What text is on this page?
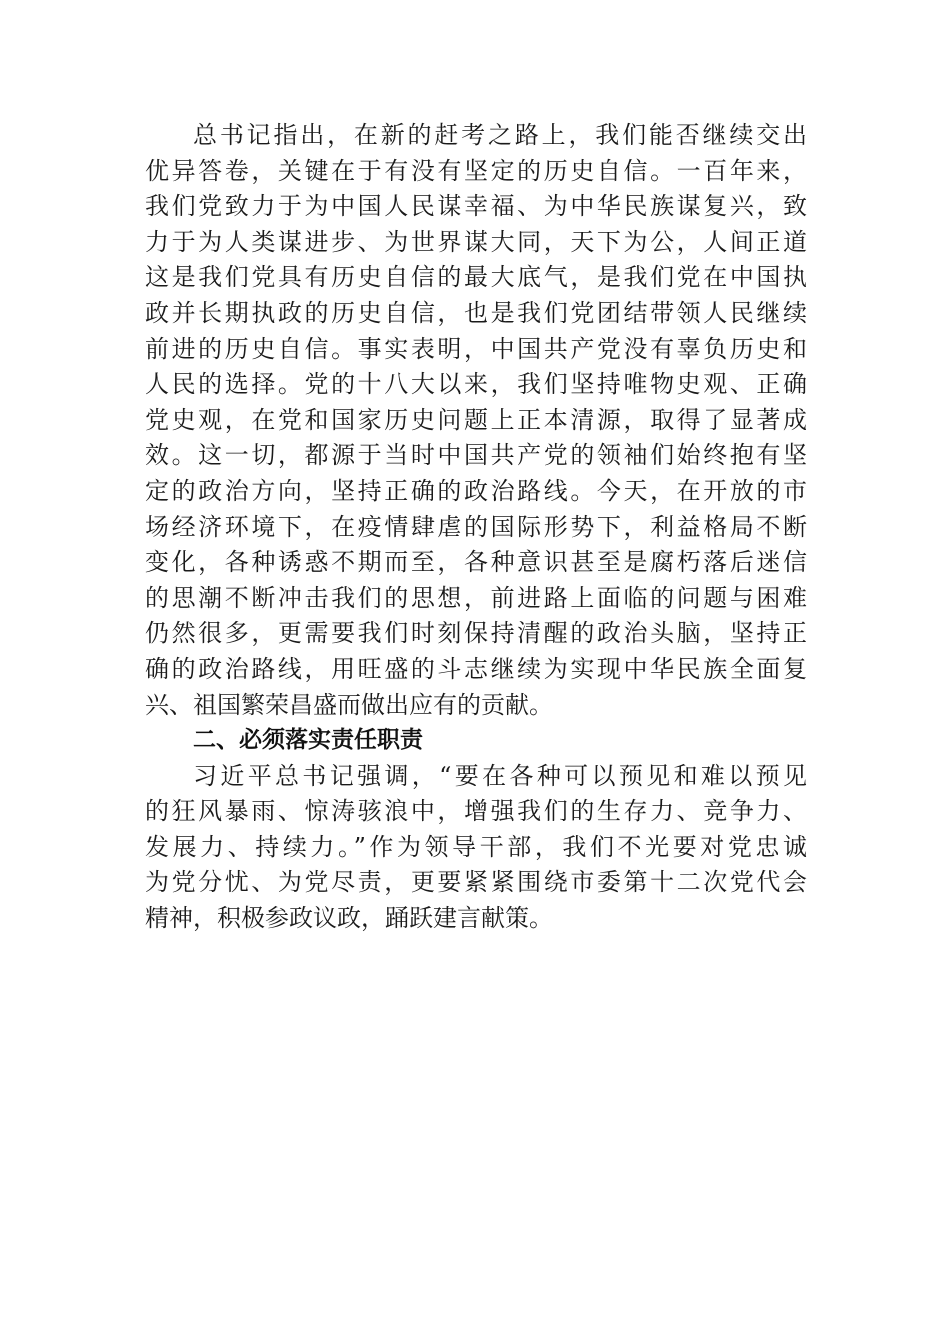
总书记指出，在新的赶考之路上，我们能否继续交出
优异答卷，关键在于有没有坚定的历史自信。一百年来，
我们党致力于为中国人民谋幸福、为中华民族谋复兴，致
力于为人类谋进步、为世界谋大同，天下为公，人间正道
这是我们党具有历史自信的最大底气，是我们党在中国执
政并长期执政的历史自信，也是我们党团结带领人民继续
前进的历史自信。事实表明，中国共产党没有辜负历史和
人民的选择。党的十八大以来，我们坚持唯物史观、正确
党史观，在党和国家历史问题上正本清源，取得了显著成
效。这一切，都源于当时中国共产党的领袖们始终抱有坚
定的政治方向，坚持正确的政治路线。今天，在开放的市
场经济环境下，在疫情肆虐的国际形势下，利益格局不断
变化，各种诱惑不期而至，各种意识甚至是腐朽落后迷信
的思潮不断冲击我们的思想，前进路上面临的问题与困难
仍然很多，更需要我们时刻保持清醒的政治头脑，坚持正
确的政治路线，用旺盛的斗志继续为实现中华民族全面复
兴、祖国繁荣昌盛而做出应有的贡献。
二、必须落实责任职责
习近平总书记强调，“要在各种可以预见和难以预见
的狂风暴雨、惊涛骇浪中，增强我们的生存力、竞争力、
发展力、持续力。”作为领导干部，我们不光要对党忠诚
为党分忧、为党尽责，更要紧紧围绕市委第十二次党代会
精神，积极参政议政，踊跃建言献策。
